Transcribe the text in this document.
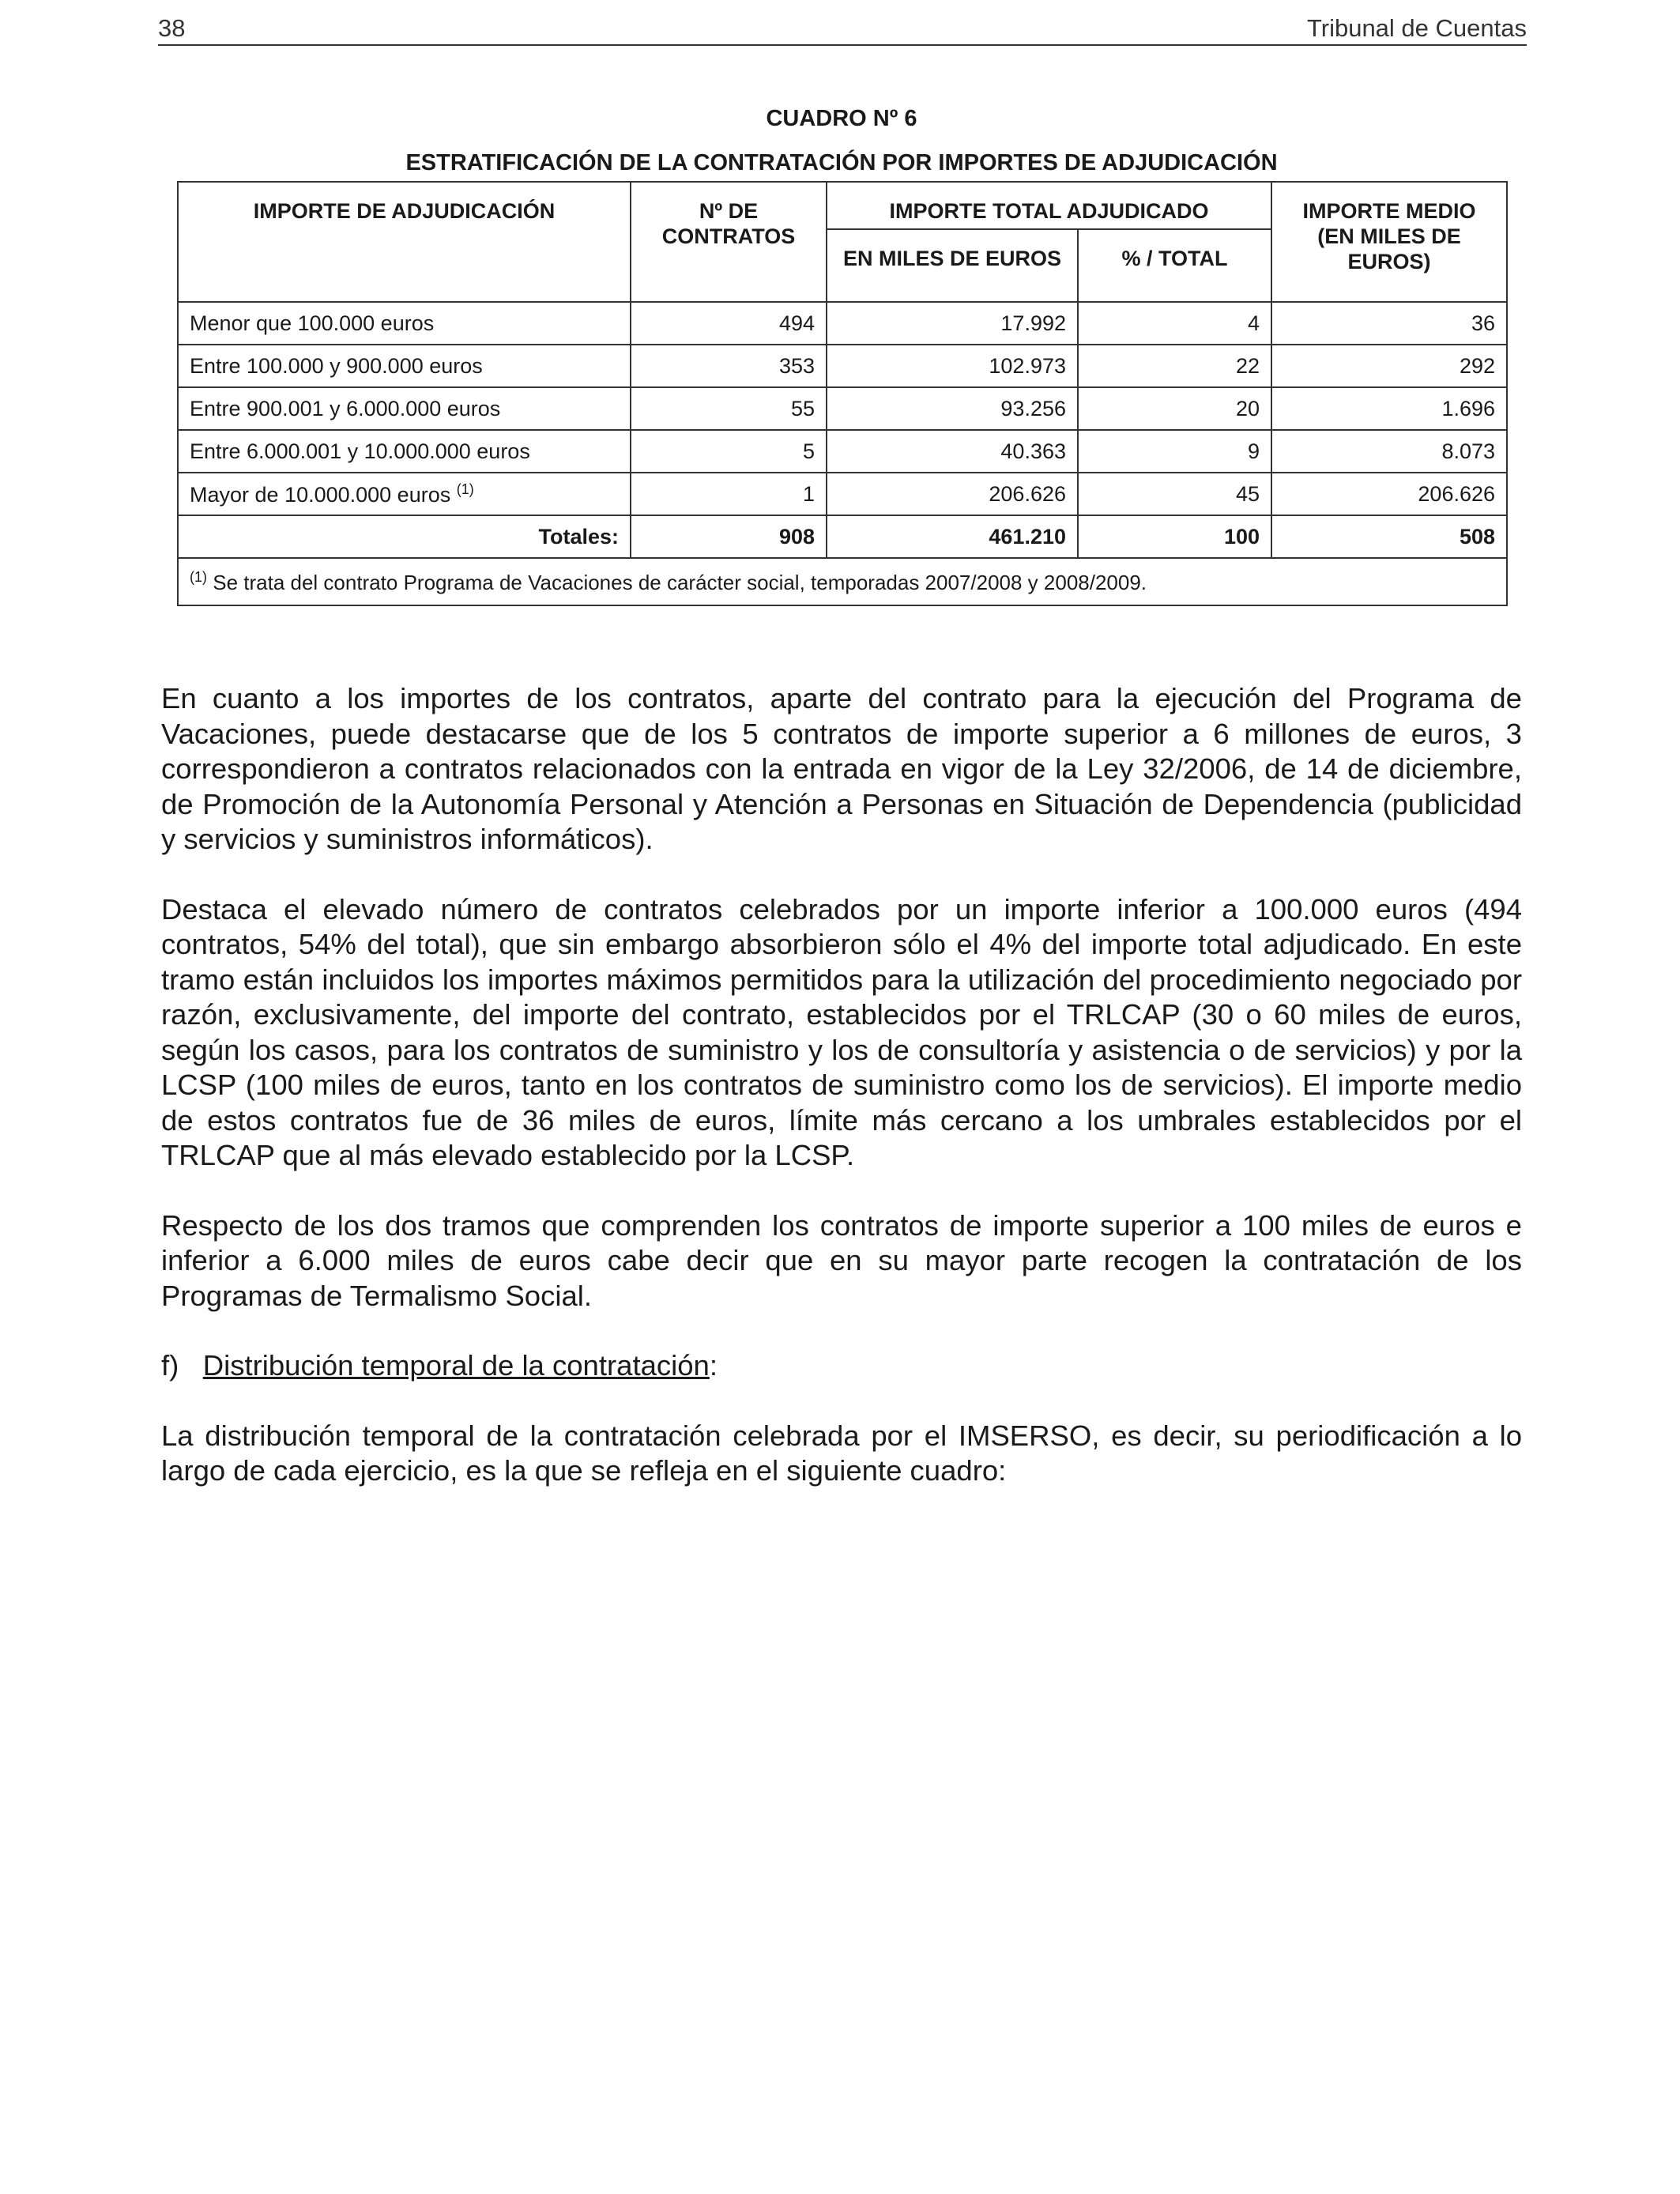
38	Tribunal de Cuentas
CUADRO Nº 6
ESTRATIFICACIÓN DE LA CONTRATACIÓN POR IMPORTES DE ADJUDICACIÓN
IMPORTE DE ADJUDICACIÓN	Nº DE CONTRATOS	IMPORTE TOTAL ADJUDICADO		IMPORTE MEDIO (EN MILES DE EUROS)
		EN MILES DE EUROS	% / TOTAL	
Menor que 100.000 euros	494	17.992	4	36
Entre 100.000 y 900.000 euros	353	102.973	22	292
Entre 900.001 y 6.000.000 euros	55	93.256	20	1.696
Entre 6.000.001 y 10.000.000 euros	5	40.363	9	8.073
Mayor de 10.000.000 euros $^{(1)}$	1	206.626	45	206.626
Totales:	908	461.210	100	508
$^{(1)}$ Se trata del contrato Programa de Vacaciones de carácter social, temporadas 2007/2008 y 2008/2009.				

En cuanto a los importes de los contratos, aparte del contrato para la ejecución del Programa de Vacaciones, puede destacarse que de los 5 contratos de importe superior a 6 millones de euros, 3 correspondieron a contratos relacionados con la entrada en vigor de la Ley 32/2006, de 14 de diciembre, de Promoción de la Autonomía Personal y Atención a Personas en Situación de Dependencia (publicidad y servicios y suministros informáticos).

Destaca el elevado número de contratos celebrados por un importe inferior a 100.000 euros (494 contratos, 54% del total), que sin embargo absorbieron sólo el 4% del importe total adjudicado. En este tramo están incluidos los importes máximos permitidos para la utilización del procedimiento negociado por razón, exclusivamente, del importe del contrato, establecidos por el TRLCAP (30 o 60 miles de euros, según los casos, para los contratos de suministro y los de consultoría y asistencia o de servicios) y por la LCSP (100 miles de euros, tanto en los contratos de suministro como los de servicios). El importe medio de estos contratos fue de 36 miles de euros, límite más cercano a los umbrales establecidos por el TRLCAP que al más elevado establecido por la LCSP.

Respecto de los dos tramos que comprenden los contratos de importe superior a 100 miles de euros e inferior a 6.000 miles de euros cabe decir que en su mayor parte recogen la contratación de los Programas de Termalismo Social.

f) Distribución temporal de la contratación:

La distribución temporal de la contratación celebrada por el IMSERSO, es decir, su periodificación a lo largo de cada ejercicio, es la que se refleja en el siguiente cuadro:
